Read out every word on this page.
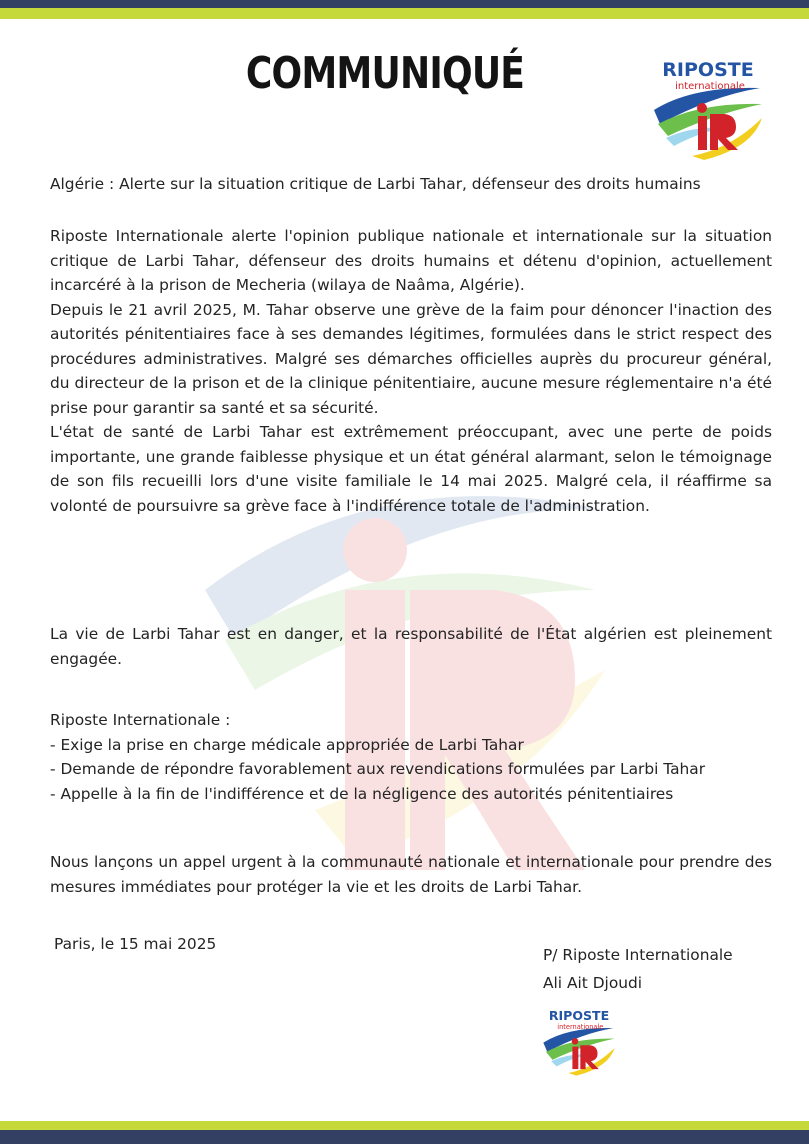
COMMUNIQUÉ	RIPOSTE
internationale
Algérie : Alerte sur la situation critique de Larbi Tahar, défenseur des droits humains

Riposte Internationale alerte l'opinion publique nationale et internationale sur la situation critique de Larbi Tahar, défenseur des droits humains et détenu d'opinion, actuellement incarcéré à la prison de Mecheria (wilaya de Naâma, Algérie).

Depuis le 21 avril 2025, M. Tahar observe une grève de la faim pour dénoncer l'inaction des autorités pénitentiaires face à ses demandes légitimes, formulées dans le strict respect des procédures administratives. Malgré ses démarches officielles auprès du procureur général, du directeur de la prison et de la clinique pénitentiaire, aucune mesure réglementaire n'a été prise pour garantir sa santé et sa sécurité.

L'état de santé de Larbi Tahar est extrêmement préoccupant, avec une perte de poids importante, une grande faiblesse physique et un état général alarmant, selon le témoignage de son fils recueilli lors d'une visite familiale le 14 mai 2025. Malgré cela, il réaffirme sa volonté de poursuivre sa grève face à l'indifférence totale de l'administration.

La vie de Larbi Tahar est en danger, et la responsabilité de l'État algérien est pleinement engagée.

Riposte Internationale :

- Exige la prise en charge médicale appropriée de Larbi Tahar

- Demande de répondre favorablement aux revendications formulées par Larbi Tahar

- Appelle à la fin de l'indifférence et de la négligence des autorités pénitentiaires

Nous lançons un appel urgent à la communauté nationale et internationale pour prendre des mesures immédiates pour protéger la vie et les droits de Larbi Tahar.
Paris, le 15 mai 2025

P/ Riposte Internationale

Ali Ait Djoudi

RIPOSTE
internationale
